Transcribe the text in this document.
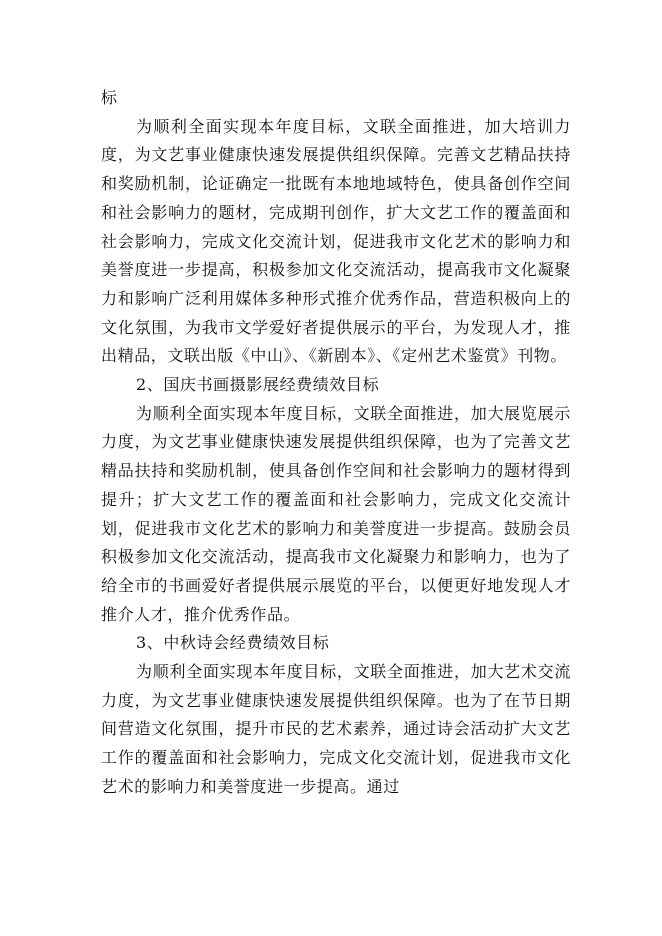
标

为顺利全面实现本年度目标，文联全面推进，加大培训力度，为文艺事业健康快速发展提供组织保障。完善文艺精品扶持和奖励机制，论证确定一批既有本地地域特色，使具备创作空间和社会影响力的题材，完成期刊创作，扩大文艺工作的覆盖面和社会影响力，完成文化交流计划，促进我市文化艺术的影响力和美誉度进一步提高，积极参加文化交流活动，提高我市文化凝聚力和影响广泛利用媒体多种形式推介优秀作品，营造积极向上的文化氛围，为我市文学爱好者提供展示的平台，为发现人才，推出精品，文联出版《中山》、《新剧本》、《定州艺术鉴赏》刊物。

2、国庆书画摄影展经费绩效目标

为顺利全面实现本年度目标，文联全面推进，加大展览展示力度，为文艺事业健康快速发展提供组织保障，也为了完善文艺精品扶持和奖励机制，使具备创作空间和社会影响力的题材得到提升；扩大文艺工作的覆盖面和社会影响力，完成文化交流计划，促进我市文化艺术的影响力和美誉度进一步提高。鼓励会员积极参加文化交流活动，提高我市文化凝聚力和影响力，也为了给全市的书画爱好者提供展示展览的平台，以便更好地发现人才推介人才，推介优秀作品。

3、中秋诗会经费绩效目标

为顺利全面实现本年度目标，文联全面推进，加大艺术交流力度，为文艺事业健康快速发展提供组织保障。也为了在节日期间营造文化氛围，提升市民的艺术素养，通过诗会活动扩大文艺工作的覆盖面和社会影响力，完成文化交流计划，促进我市文化艺术的影响力和美誉度进一步提高。通过
